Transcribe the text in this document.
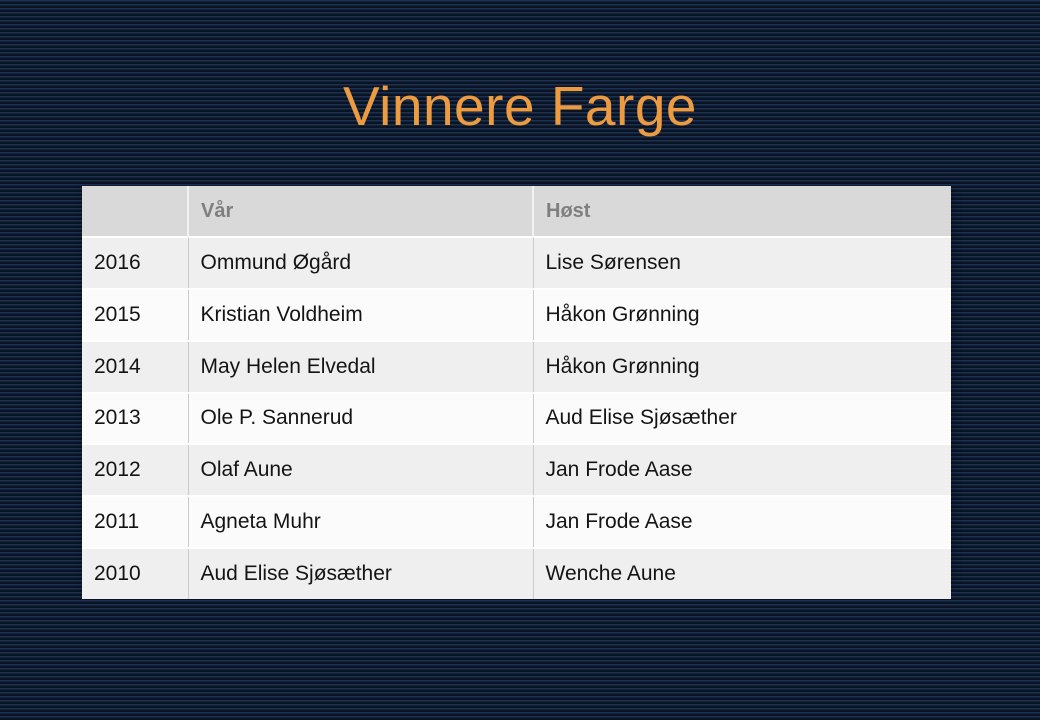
Vinnere Farge
	Vår	Høst
2016	Ommund Øgård	Lise Sørensen
2015	Kristian Voldheim	Håkon Grønning
2014	May Helen Elvedal	Håkon Grønning
2013	Ole P. Sannerud	Aud Elise Sjøsæther
2012	Olaf Aune	Jan Frode Aase
2011	Agneta Muhr	Jan Frode Aase
2010	Aud Elise Sjøsæther	Wenche Aune
